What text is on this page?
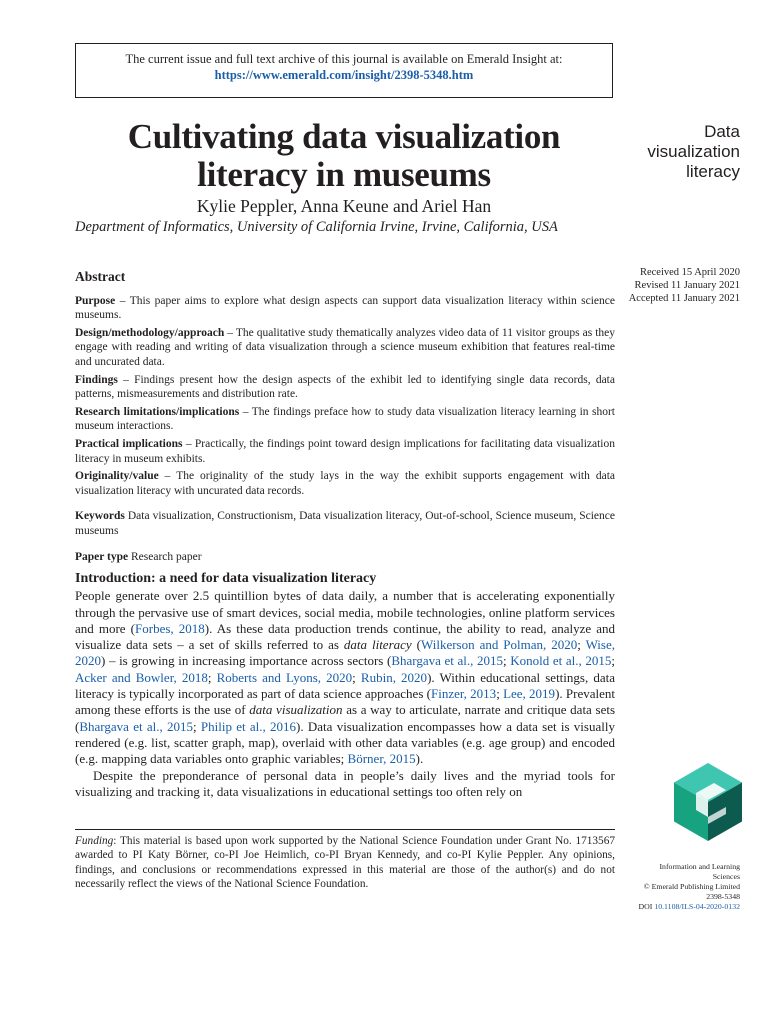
The current issue and full text archive of this journal is available on Emerald Insight at:
https://www.emerald.com/insight/2398-5348.htm
Cultivating data visualization
literacy in museums
Data
visualization
literacy
Kylie Peppler, Anna Keune and Ariel Han
Department of Informatics, University of California Irvine, Irvine, California, USA
Received 15 April 2020
Revised 11 January 2021
Accepted 11 January 2021
Abstract

Purpose – This paper aims to explore what design aspects can support data visualization literacy within science museums.

Design/methodology/approach – The qualitative study thematically analyzes video data of 11 visitor groups as they engage with reading and writing of data visualization through a science museum exhibition that features real-time and uncurated data.

Findings – Findings present how the design aspects of the exhibit led to identifying single data records, data patterns, mismeasurements and distribution rate.

Research limitations/implications – The findings preface how to study data visualization literacy learning in short museum interactions.

Practical implications – Practically, the findings point toward design implications for facilitating data visualization literacy in museum exhibits.

Originality/value – The originality of the study lays in the way the exhibit supports engagement with data visualization literacy with uncurated data records.

Keywords Data visualization, Constructionism, Data visualization literacy, Out-of-school, Science museum, Science museums

Paper type Research paper

Introduction: a need for data visualization literacy

People generate over 2.5 quintillion bytes of data daily, a number that is accelerating exponentially through the pervasive use of smart devices, social media, mobile technologies, online platform services and more (Forbes, 2018). As these data production trends continue, the ability to read, analyze and visualize data sets – a set of skills referred to as data literacy (Wilkerson and Polman, 2020; Wise, 2020) – is growing in increasing importance across sectors (Bhargava et al., 2015; Konold et al., 2015; Acker and Bowler, 2018; Roberts and Lyons, 2020; Rubin, 2020). Within educational settings, data literacy is typically incorporated as part of data science approaches (Finzer, 2013; Lee, 2019). Prevalent among these efforts is the use of data visualization as a way to articulate, narrate and critique data sets (Bhargava et al., 2015; Philip et al., 2016). Data visualization encompasses how a data set is visually rendered (e.g. list, scatter graph, map), overlaid with other data variables (e.g. age group) and encoded (e.g. mapping data variables onto graphic variables; Börner, 2015).

Despite the preponderance of personal data in people’s daily lives and the myriad tools for visualizing and tracking it, data visualizations in educational settings too often rely on

Funding: This material is based upon work supported by the National Science Foundation under Grant No. 1713567 awarded to PI Katy Börner, co-PI Joe Heimlich, co-PI Bryan Kennedy, and co-PI Kylie Peppler. Any opinions, findings, and conclusions or recommendations expressed in this material are those of the author(s) and do not necessarily reflect the views of the National Science Foundation.
Information and Learning
Sciences
© Emerald Publishing Limited
2398-5348
DOI 10.1108/ILS-04-2020-0132
